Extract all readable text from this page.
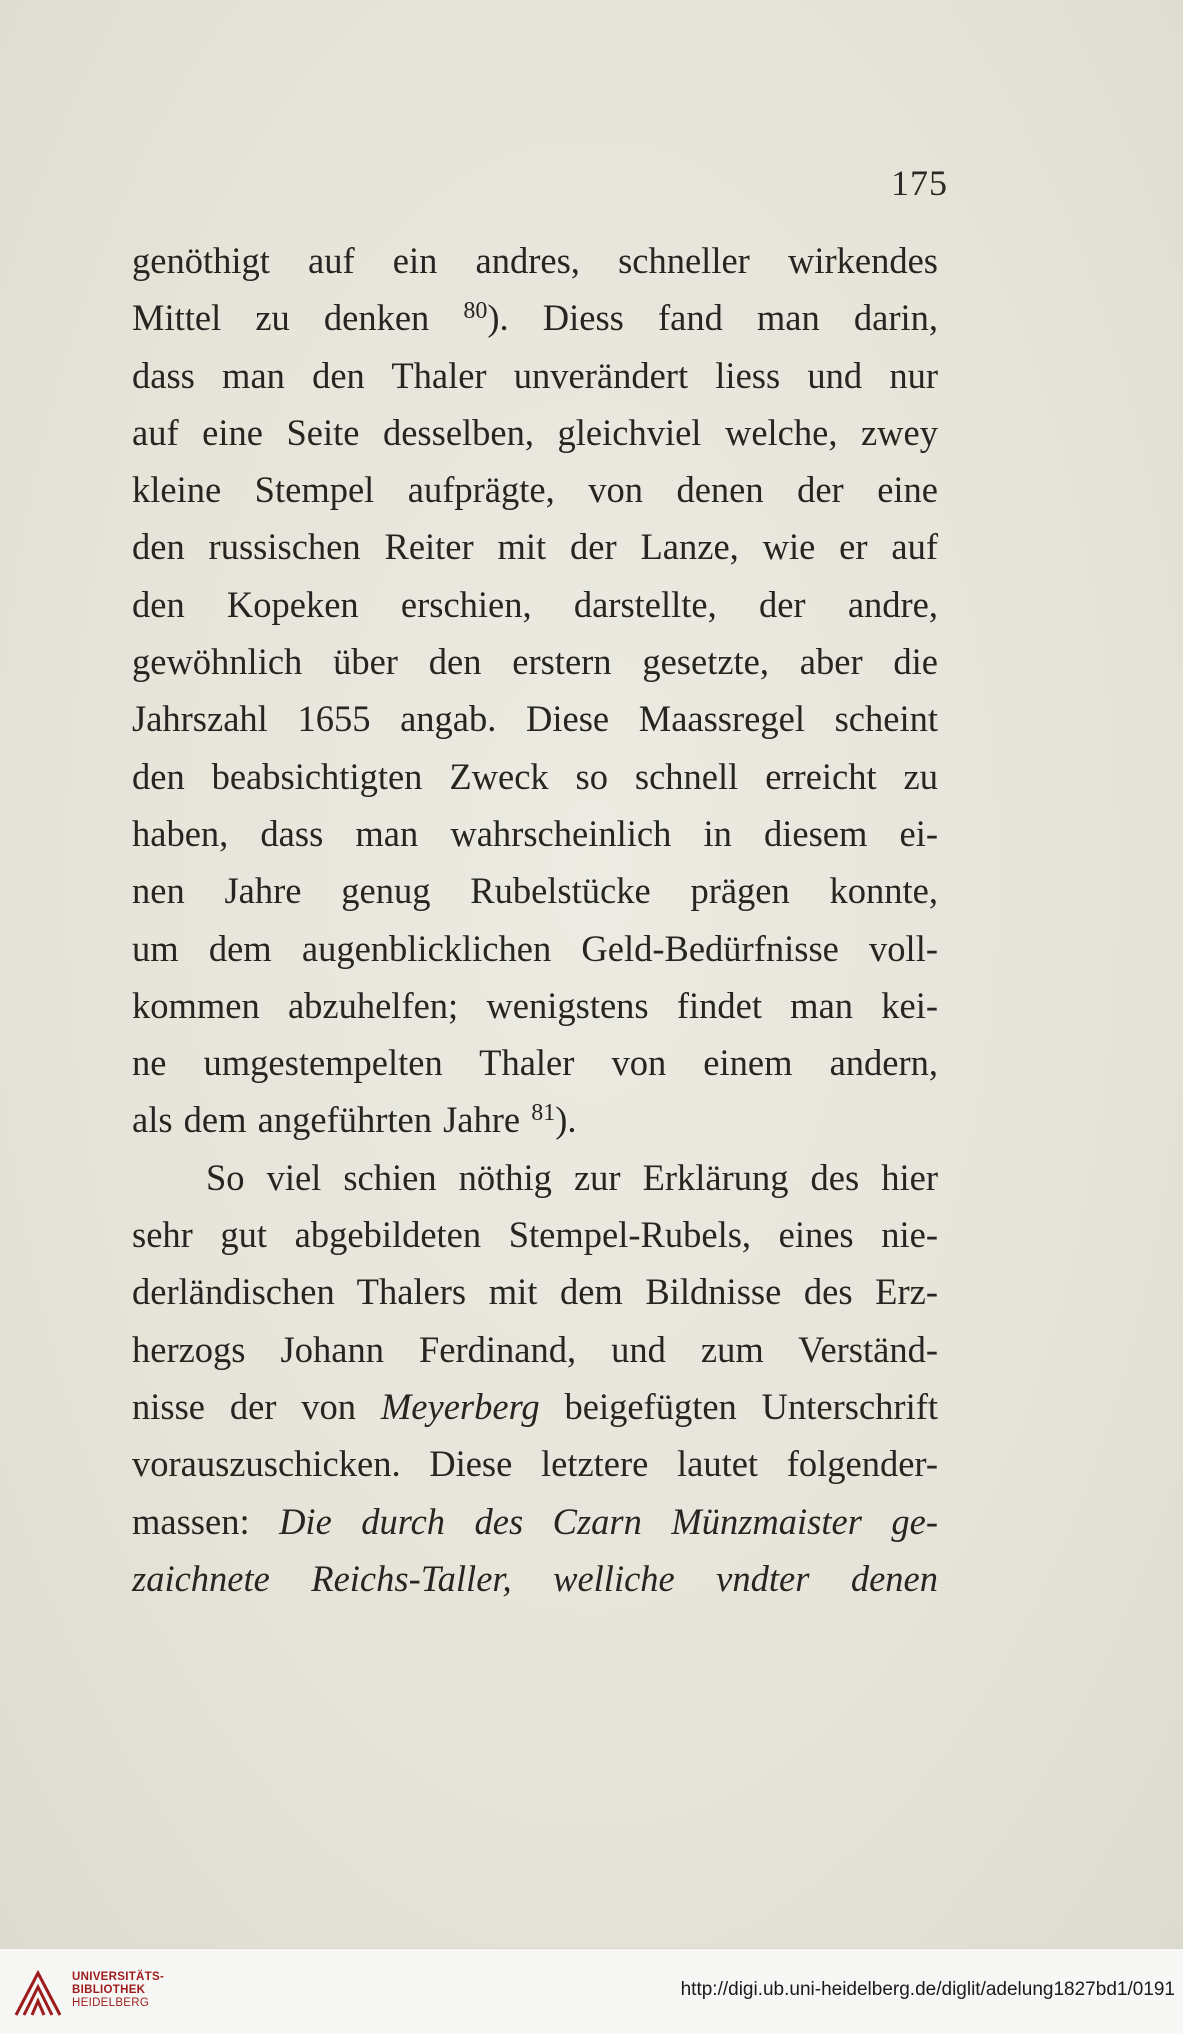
175
genöthigt auf ein andres, schneller wirkendes
Mittel zu denken $^{80}$). Diess fand man darin,
dass man den Thaler unverändert liess und nur
auf eine Seite desselben, gleichviel welche, zwey
kleine Stempel aufprägte, von denen der eine
den russischen Reiter mit der Lanze, wie er auf
den Kopeken erschien, darstellte, der andre,
gewöhnlich über den erstern gesetzte, aber die
Jahrszahl 1655 angab. Diese Maassregel scheint
den beabsichtigten Zweck so schnell erreicht zu
haben, dass man wahrscheinlich in diesem ei-
nen Jahre genug Rubelstücke prägen konnte,
um dem augenblicklichen Geld-Bedürfnisse voll-
kommen abzuhelfen; wenigstens findet man kei-
ne umgestempelten Thaler von einem andern,
als dem angeführten Jahre $^{81}$).
So viel schien nöthig zur Erklärung des hier
sehr gut abgebildeten Stempel-Rubels, eines nie-
derländischen Thalers mit dem Bildnisse des Erz-
herzogs Johann Ferdinand, und zum Verständ-
nisse der von Meyerberg beigefügten Unterschrift
vorauszuschicken. Diese letztere lautet folgender-
massen: Die durch des Czarn Münzmaister ge-
zaichnete Reichs-Taller, welliche vndter denen
UNIVERSITÄTS-
BIBLIOTHEK
HEIDELBERG
http://digi.ub.uni-heidelberg.de/diglit/adelung1827bd1/0191
